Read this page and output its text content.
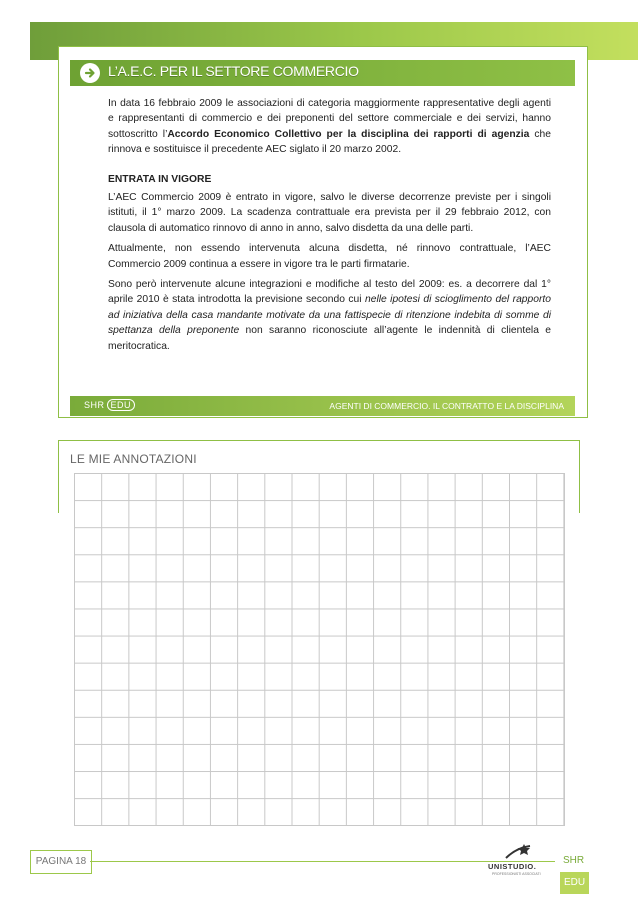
L’A.E.C. PER IL SETTORE COMMERCIO

In data 16 febbraio 2009 le associazioni di categoria maggiormente rappresentative degli agenti e rappresentanti di commercio e dei preponenti del settore commerciale e dei servizi, hanno sottoscritto l’Accordo Economico Collettivo per la disciplina dei rapporti di agenzia che rinnova e sostituisce il precedente AEC siglato il 20 marzo 2002.

ENTRATA IN VIGORE

L’AEC Commercio 2009 è entrato in vigore, salvo le diverse decorrenze previste per i singoli istituti, il 1° marzo 2009. La scadenza contrattuale era prevista per il 29 febbraio 2012, con clausola di automatico rinnovo di anno in anno, salvo disdetta da una delle parti.

Attualmente, non essendo intervenuta alcuna disdetta, né rinnovo contrattuale, l’AEC Commercio 2009 continua a essere in vigore tra le parti firmatarie.

Sono però intervenute alcune integrazioni e modifiche al testo del 2009: es. a decorrere dal 1° aprile 2010 è stata introdotta la previsione secondo cui nelle ipotesi di scioglimento del rapporto ad iniziativa della casa mandante motivate da una fattispecie di ritenzione indebita di somme di spettanza della preponente non saranno riconosciute all’agente le indennità di clientela e meritocratica.

SHR EDU	AGENTI DI COMMERCIO. IL CONTRATTO E LA DISCIPLINA
LE MIE ANNOTAZIONI
PAGINA 18	UNISTUDIO.
PROFESSIONISTI ASSOCIATI
SHREDU
